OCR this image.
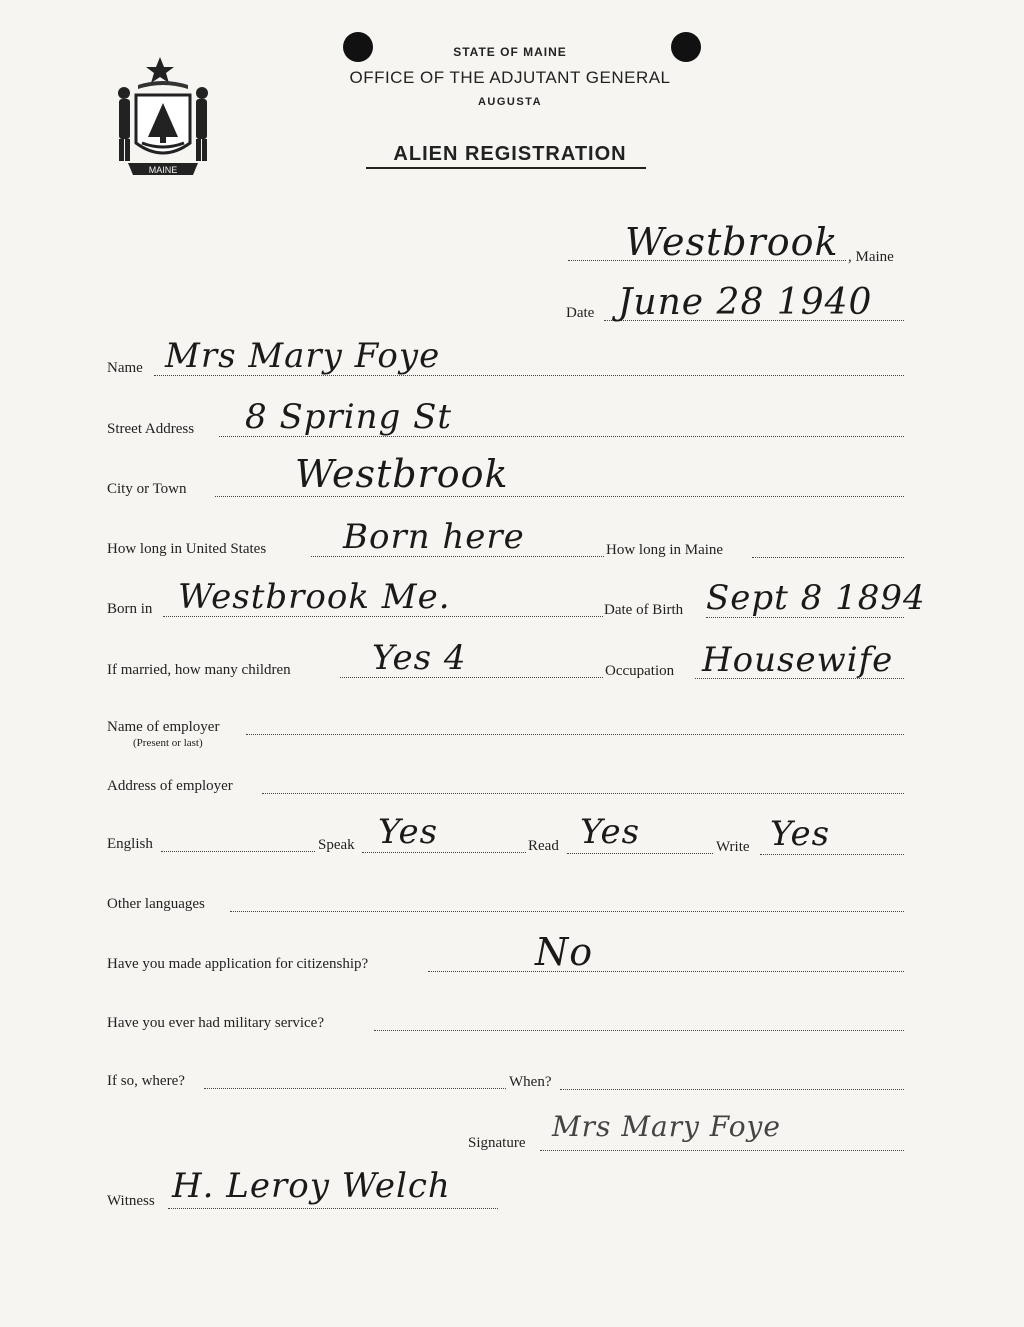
MAINE
STATE OF MAINE
OFFICE OF THE ADJUTANT GENERAL
AUGUSTA
ALIEN REGISTRATION
, Maine
Westbrook
Date June 28 1940
Name Mrs Mary Foye
Street Address 8 Spring St
City or Town	Westbrook
How long in United States Born here	How long in Maine
Born in Westbrook Me.	Date of Birth Sept 8 1894
If married, how many children Yes 4	Occupation Housewife
Name of employer
(Present or last)
Address of employer
English	Speak Yes	Read Yes	Write Yes
Other languages
Have you made application for citizenship?	No
Have you ever had military service?
If so, where?	When?
Signature Mrs Mary Foye
Witness H. Leroy Welch
